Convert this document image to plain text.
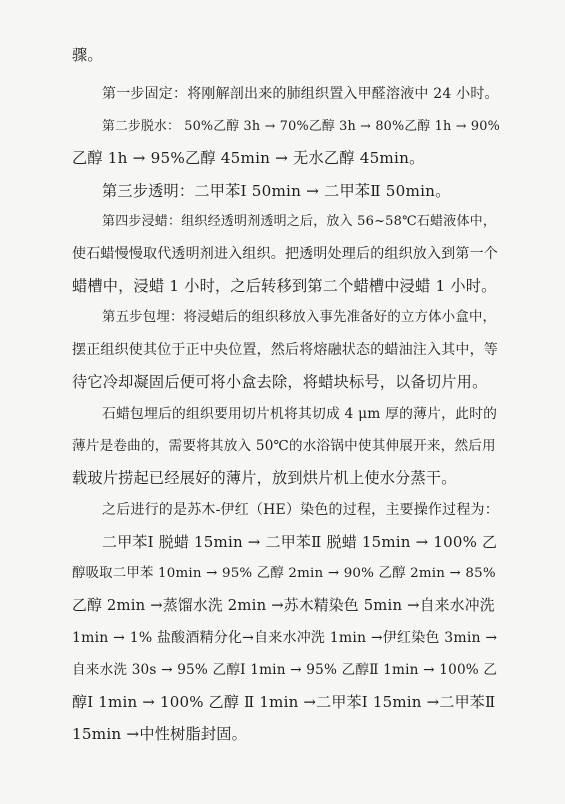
骤。
第一步固定：将刚解剖出来的肺组织置入甲醛溶液中 24 小时。
第二步脱水： 50%乙醇 3h → 70%乙醇 3h → 80%乙醇 1h → 90%
乙醇 1h → 95%乙醇 45min → 无水乙醇 45min。
第三步透明：二甲苯Ⅰ 50min → 二甲苯Ⅱ 50min。
第四步浸蜡：组织经透明剂透明之后，放入 56~58℃石蜡液体中，
使石蜡慢慢取代透明剂进入组织。把透明处理后的组织放入到第一个
蜡槽中，浸蜡 1 小时，之后转移到第二个蜡槽中浸蜡 1 小时。
第五步包埋：将浸蜡后的组织移放入事先准备好的立方体小盒中，
摆正组织使其位于正中央位置，然后将熔融状态的蜡油注入其中，等
待它冷却凝固后便可将小盒去除，将蜡块标号，以备切片用。
石蜡包埋后的组织要用切片机将其切成 4 μm 厚的薄片，此时的
薄片是卷曲的，需要将其放入 50℃的水浴锅中使其伸展开来，然后用
载玻片捞起已经展好的薄片，放到烘片机上使水分蒸干。
之后进行的是苏木-伊红（HE）染色的过程，主要操作过程为：
二甲苯Ⅰ 脱蜡 15min → 二甲苯Ⅱ 脱蜡 15min → 100% 乙
醇吸取二甲苯 10min → 95% 乙醇 2min → 90% 乙醇 2min → 85%
乙醇 2min →蒸馏水洗 2min →苏木精染色 5min →自来水冲洗
1min → 1% 盐酸酒精分化→自来水冲洗 1min →伊红染色 3min →
自来水洗 30s → 95% 乙醇Ⅰ 1min → 95% 乙醇Ⅱ 1min → 100% 乙
醇Ⅰ 1min → 100% 乙醇 Ⅱ 1min →二甲苯Ⅰ 15min →二甲苯Ⅱ
15min →中性树脂封固。
